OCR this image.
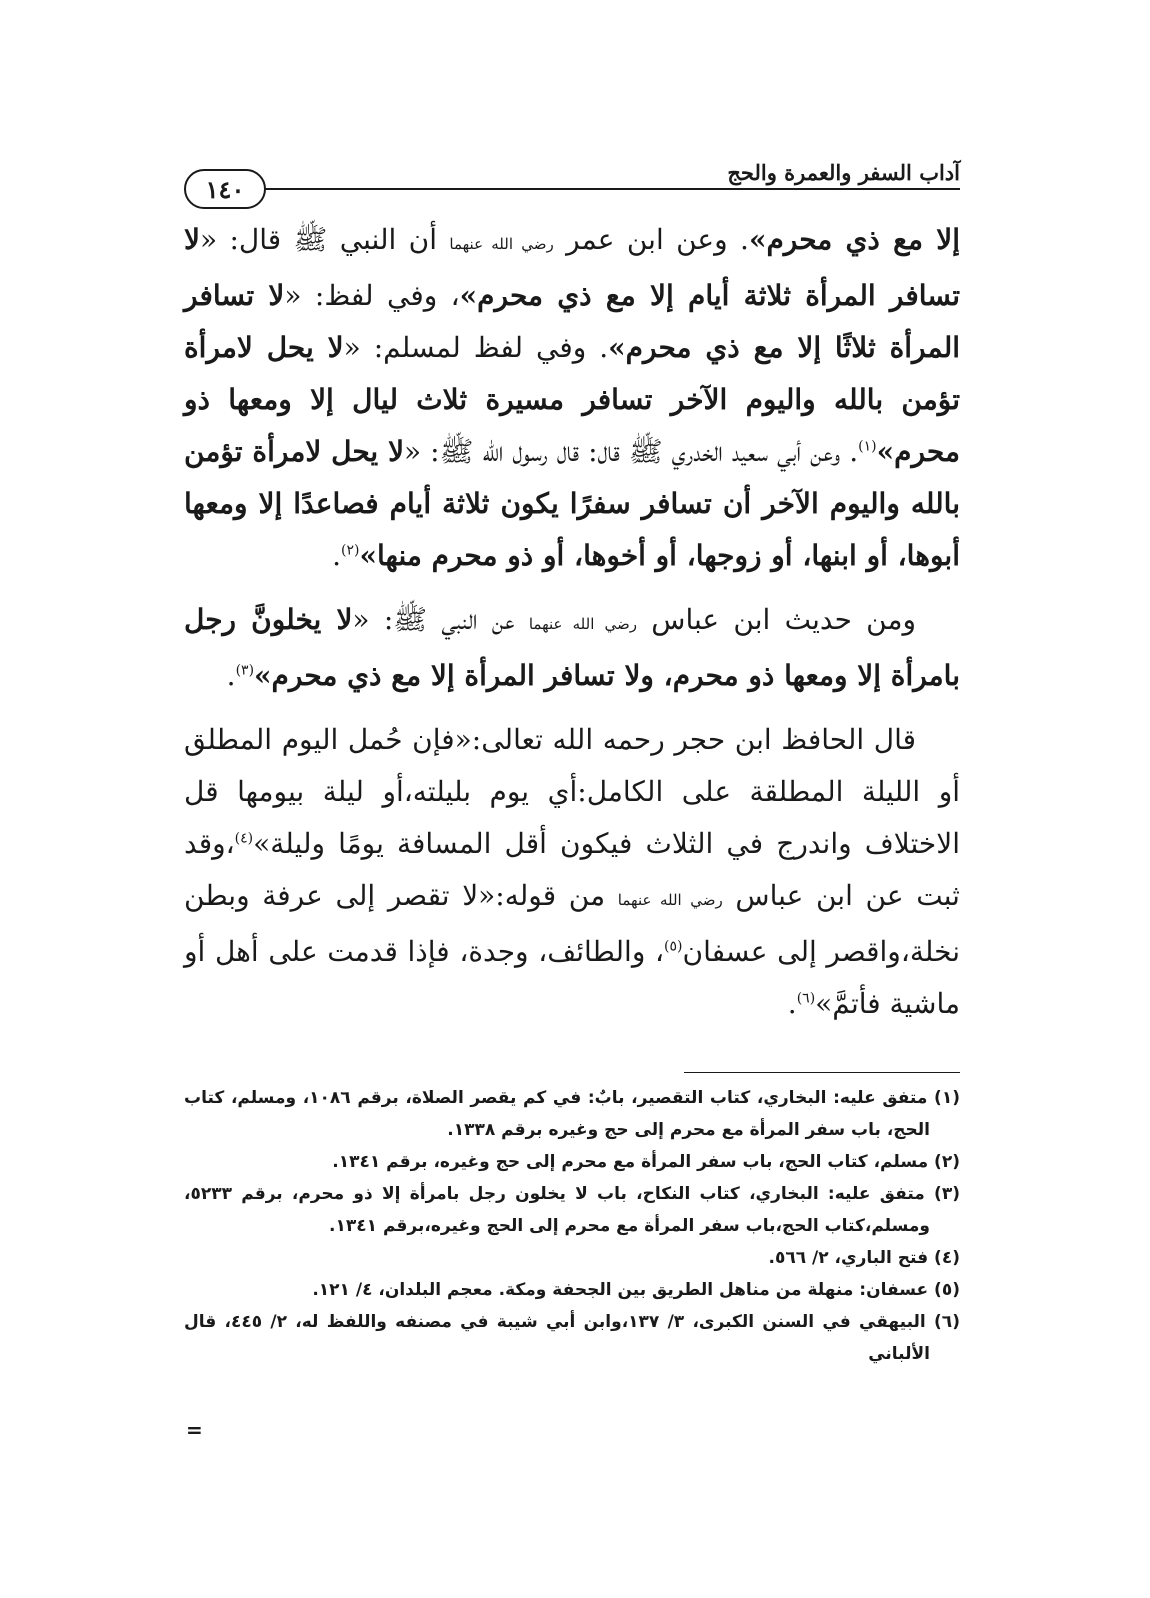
آداب السفر والعمرة والحج
١٤٠

إلا مع ذي محرم». وعن ابن عمر رضي الله عنهما أن النبي ﷺ قال: «لا تسافر المرأة ثلاثة أيام إلا مع ذي محرم»، وفي لفظ: «لا تسافر المرأة ثلاثًا إلا مع ذي محرم». وفي لفظ لمسلم: «لا يحل لامرأة تؤمن بالله واليوم الآخر تسافر مسيرة ثلاث ليال إلا ومعها ذو محرم»$^{(١)}$. وعن أبي سعيد الخدري ﷺ قال: قال رسول الله ﷺ: «لا يحل لامرأة تؤمن بالله واليوم الآخر أن تسافر سفرًا يكون ثلاثة أيام فصاعدًا إلا ومعها أبوها، أو ابنها، أو زوجها، أو أخوها، أو ذو محرم منها»$^{(٢)}$.

ومن حديث ابن عباس رضي الله عنهما عن النبي ﷺ: «لا يخلونَّ رجل بامرأة إلا ومعها ذو محرم، ولا تسافر المرأة إلا مع ذي محرم»$^{(٣)}$.

قال الحافظ ابن حجر رحمه الله تعالى:«فإن حُمل اليوم المطلق أو الليلة المطلقة على الكامل:أي يوم بليلته،أو ليلة بيومها قل الاختلاف واندرج في الثلاث فيكون أقل المسافة يومًا وليلة»$^{(٤)}$،وقد ثبت عن ابن عباس رضي الله عنهما من قوله:«لا تقصر إلى عرفة وبطن نخلة،واقصر إلى عسفان$^{(٥)}$، والطائف، وجدة، فإذا قدمت على أهل أو ماشية فأتمَّ»$^{(٦)}$.

(١) متفق عليه: البخاري، كتاب التقصير، بابٌ: في كم يقصر الصلاة، برقم ١٠٨٦، ومسلم، كتاب الحج، باب سفر المرأة مع محرم إلى حج وغيره برقم ١٣٣٨.

(٢) مسلم، كتاب الحج، باب سفر المرأة مع محرم إلى حج وغيره، برقم ١٣٤١.

(٣) متفق عليه: البخاري، كتاب النكاح، باب لا يخلون رجل بامرأة إلا ذو محرم، برقم ٥٢٣٣، ومسلم،كتاب الحج،باب سفر المرأة مع محرم إلى الحج وغيره،برقم ١٣٤١.

(٤) فتح الباري، ٢/ ٥٦٦.

(٥) عسفان: منهلة من مناهل الطريق بين الجحفة ومكة. معجم البلدان، ٤/ ١٢١.

(٦) البيهقي في السنن الكبرى، ٣/ ١٣٧،وابن أبي شيبة في مصنفه واللفظ له، ٢/ ٤٤٥، قال الألباني

=
